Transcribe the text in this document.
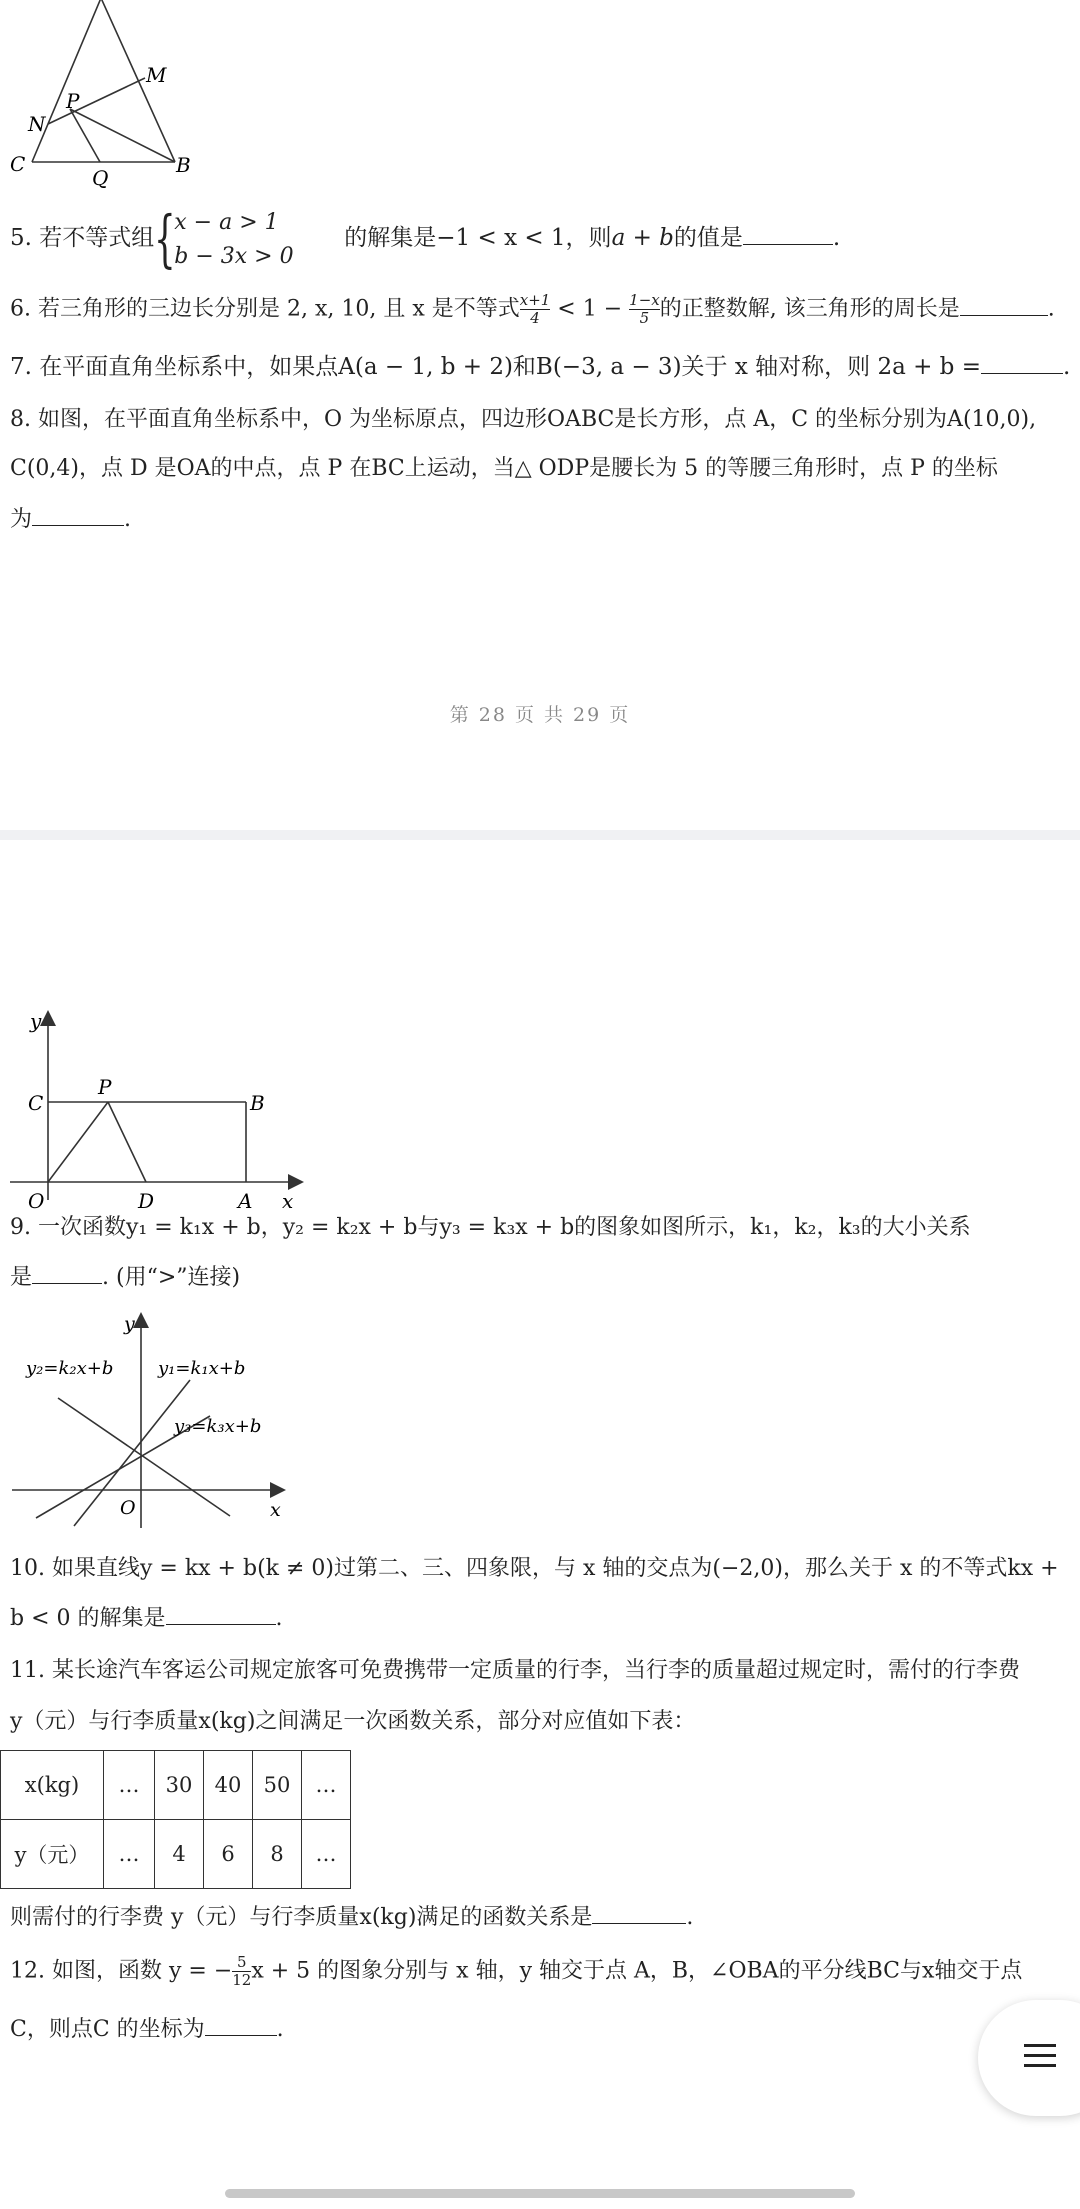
M
N
P
C
Q
B
5. 若不等式组 {
x − a > 1
b − 3x > 0
的解集是−1 < x < 1，则a + b的值是	.
6. 若三角形的三边长分别是 2, x, 10, 且 x 是不等式 $\frac{x+1}{4} < 1 - \frac{1-x}{5}$ 的正整数解, 该三角形的周长是	.
7. 在平面直角坐标系中，如果点A(a − 1, b + 2)和B(−3, a − 3)关于 x 轴对称，则 2a + b =	.
8. 如图，在平面直角坐标系中，O 为坐标原点，四边形OABC是长方形，点 A，C 的坐标分别为A(10,0),
C(0,4)，点 D 是OA的中点，点 P 在BC上运动，当△ ODP是腰长为 5 的等腰三角形时，点 P 的坐标
为	.
第 28 页 共 29 页
y
C
P
B
O	D	A x
9. 一次函数y₁ = k₁x + b，y₂ = k₂x + b与y₃ = k₃x + b的图象如图所示，k₁，k₂，k₃的大小关系
是	. (用“>”连接)
y
y₂=k₂x+b y₁=k₁x+b
y₃=k₃x+b
O	x
10. 如果直线y = kx + b(k ≠ 0)过第二、三、四象限，与 x 轴的交点为(−2,0)，那么关于 x 的不等式kx +
b < 0 的解集是	.
11. 某长途汽车客运公司规定旅客可免费携带一定质量的行李，当行李的质量超过规定时，需付的行李费
y（元）与行李质量x(kg)之间满足一次函数关系，部分对应值如下表：
x(kg)	…	30	40	50	…
y（元）	…	4	6	8	…
则需付的行李费 y（元）与行李质量x(kg)满足的函数关系是	.
12. 如图，函数 y = − $\frac{5}{12}$ x + 5 的图象分别与 x 轴，y 轴交于点 A，B，∠OBA的平分线BC与x轴交于点
C，则点C 的坐标为	.
